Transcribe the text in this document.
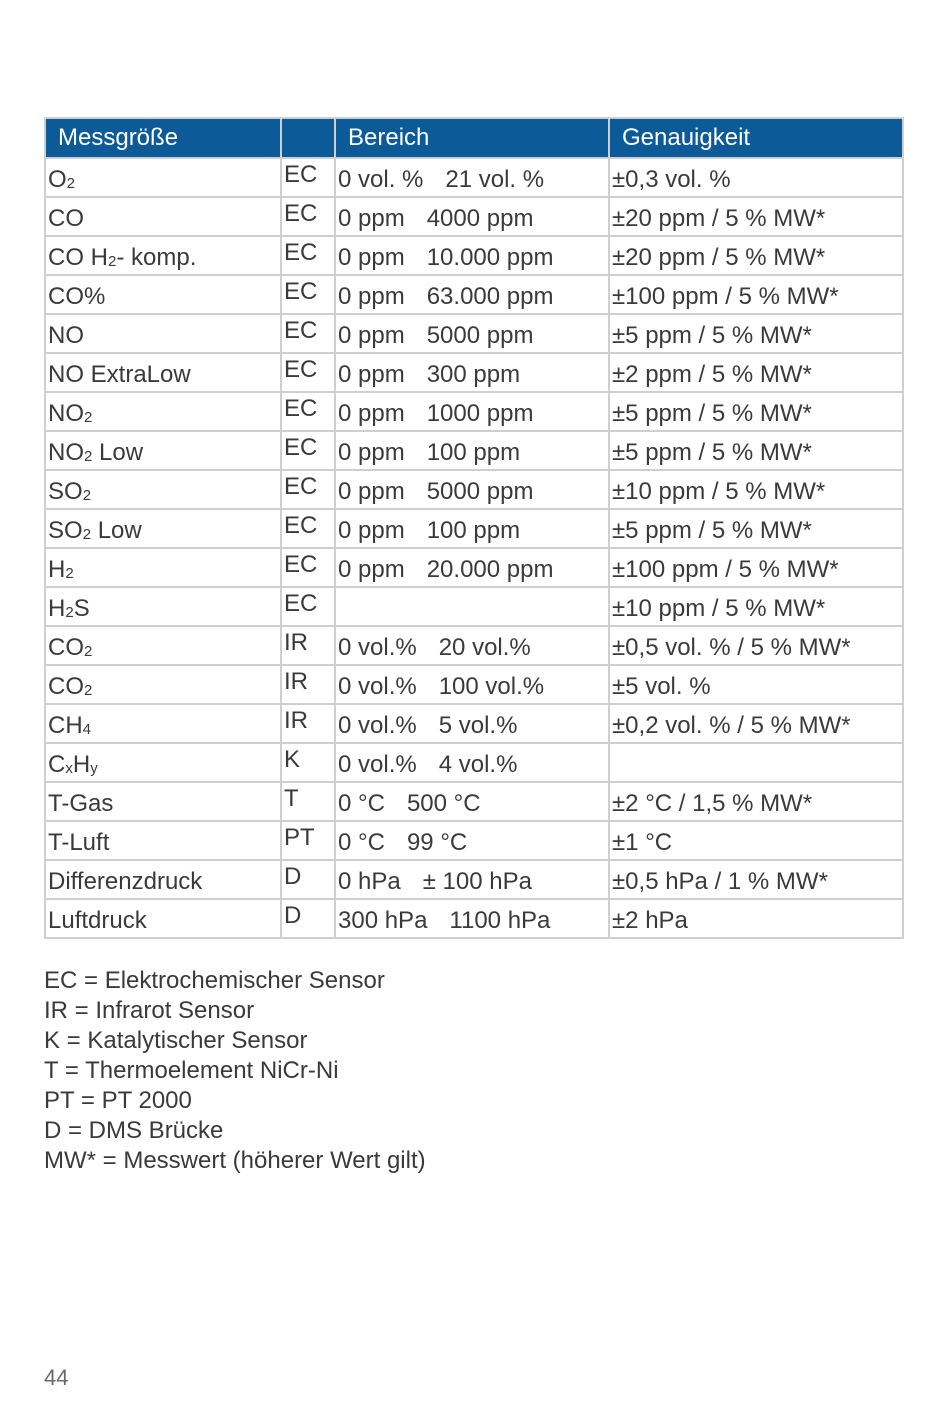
Messgröße		Bereich	Genauigkeit
$O_2$	EC	0 vol. % 21 vol. %	±0,3 vol. %
CO	EC	0 ppm 4000 ppm	±20 ppm / 5 % MW*
CO $H_2-$ komp.	EC	0 ppm 10.000 ppm	±20 ppm / 5 % MW*
CO%	EC	0 ppm 63.000 ppm	±100 ppm / 5 % MW*
NO	EC	0 ppm 5000 ppm	±5 ppm / 5 % MW*
NO ExtraLow	EC	0 ppm 300 ppm	±2 ppm / 5 % MW*
$NO_2$	EC	0 ppm 1000 ppm	±5 ppm / 5 % MW*
$NO_2$ Low	EC	0 ppm 100 ppm	±5 ppm / 5 % MW*
$SO_2$	EC	0 ppm 5000 ppm	±10 ppm / 5 % MW*
$SO_2$ Low	EC	0 ppm 100 ppm	±5 ppm / 5 % MW*
$H_2$	EC	0 ppm 20.000 ppm	±100 ppm / 5 % MW*
$H_2S$	EC		±10 ppm / 5 % MW*
$CO_2$	IR	0 vol.% 20 vol.%	±0,5 vol. % / 5 % MW*
$CO_2$	IR	0 vol.% 100 vol.%	±5 vol. %
$CH_4$	IR	0 vol.% 5 vol.%	±0,2 vol. % / 5 % MW*
$C_xH_y$	K	0 vol.% 4 vol.%	
T-Gas	T	0 °C 500 °C	±2 °C / 1,5 % MW*
T-Luft	PT	0 °C 99 °C	±1 °C
Differenzdruck	D	0 hPa ± 100 hPa	±0,5 hPa / 1 % MW*
Luftdruck	D	300 hPa 1100 hPa	±2 hPa
EC = Elektrochemischer Sensor
IR = Infrarot Sensor
K = Katalytischer Sensor
T = Thermoelement NiCr-Ni
PT = PT 2000
D = DMS Brücke
MW* = Messwert (höherer Wert gilt)
44
